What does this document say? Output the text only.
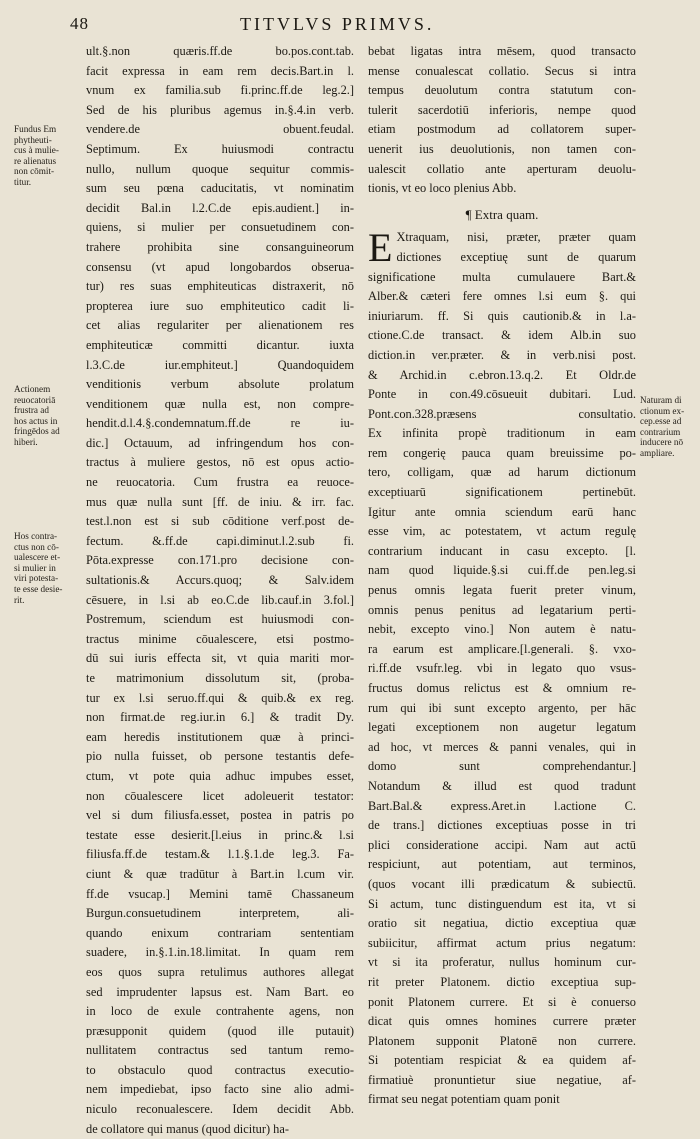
48	TITVLVS PRIMVS.
ult.§.non quæris.ff.de bo.pos.cont.tab.
facit expressa in eam rem decis.Bart.in l.
vnum ex familia.sub fi.princ.ff.de leg.2.]
Sed de his pluribus agemus in.§.4.in verb.
vendere.de obuent.feudal.
Septimum. Ex huiusmodi contractu
nullo, nullum quoque sequitur commis-
sum seu pœna caducitatis, vt nominatim
decidit Bal.in l.2.C.de epis.audient.] in-
quiens, si mulier per consuetudinem con-
trahere prohibita sine consanguineorum
consensu (vt apud longobardos obserua-
tur) res suas emphiteuticas distraxerit, nō
propterea iure suo emphiteutico cadit li-
cet alias regulariter per alienationem res
emphiteuticæ committi dicantur. iuxta
l.3.C.de iur.emphiteut.] Quandoquidem
venditionis verbum absolute prolatum
venditionem quæ nulla est, non compre-
hendit.d.l.4.§.condemnatum.ff.de re iu-
dic.] Octauum, ad infringendum hos con-
tractus à muliere gestos, nō est opus actio-
ne reuocatoria. Cum frustra ea reuoce-
mus quæ nulla sunt [ff. de iniu. & irr. fac.
test.l.non est si sub cōditione verf.post de-
fectum. &.ff.de capi.diminut.l.2.sub fi.
Pōta.expresse con.171.pro decisione con-
sultationis.& Accurs.quoq; & Salv.idem
cēsuere, in l.si ab eo.C.de lib.cauf.in 3.fol.]
Postremum, sciendum est huiusmodi con-
tractus minime cōualescere, etsi postmo-
dū sui iuris effecta sit, vt quia mariti mor-
te matrimonium dissolutum sit, (proba-
tur ex l.si seruo.ff.qui & quib.& ex reg.
non firmat.de reg.iur.in 6.] & tradit Dy.
eam heredis institutionem quæ à princi-
pio nulla fuisset, ob persone testantis defe-
ctum, vt pote quia adhuc impubes esset,
non cōualescere licet adoleuerit testator:
vel si dum filiusfa.esset, postea in patris po
testate esse desierit.[l.eius in princ.& l.si
filiusfa.ff.de testam.& l.1.§.1.de leg.3. Fa-
ciunt & quæ tradūtur à Bart.in l.cum vir.
ff.de vsucap.] Memini tamē Chassaneum
Burgun.consuetudinem interpretem, ali-
quando enixum contrariam sententiam
suadere, in.§.1.in.18.limitat. In quam rem
eos quos supra retulimus authores allegat
sed imprudenter lapsus est. Nam Bart. eo
in loco de exule contrahente agens, non
præsupponit quidem (quod ille putauit)
nullitatem contractus sed tantum remo-
to obstaculo quod contractus executio-
nem impediebat, ipso facto sine alio admi-
niculo reconualescere. Idem decidit Abb.
de collatore qui manus (quod dicitur) ha-
bebat ligatas intra mēsem, quod transacto
mense conualescat collatio. Secus si intra
tempus deuolutum contra statutum con-
tulerit sacerdotiū inferioris, nempe quod
etiam postmodum ad collatorem super-
uenerit ius deuolutionis, non tamen con-
ualescit collatio ante aperturam deuolu-
tionis, vt eo loco plenius Abb.
¶ Extra quam.
E Xtraquam, nisi, præter, præter quam
dictiones exceptiuę sunt de quarum
significatione multa cumulauere Bart.&
Alber.& cæteri fere omnes l.si eum §. qui
iniuriarum. ff. Si quis cautionib.& in l.a-
ctione.C.de transact. & idem Alb.in suo
diction.in ver.præter. & in verb.nisi post.
& Archid.in c.ebron.13.q.2. Et Oldr.de
Ponte in con.49.cōsueuit dubitari. Lud.
Pont.con.328.præsens consultatio.
Ex infinita propè traditionum in eam
rem congerię pauca quam breuissime po-
tero, colligam, quæ ad harum dictionum
exceptiuarū significationem pertinebūt.
Igitur ante omnia sciendum earū hanc
esse vim, ac potestatem, vt actum regulę
contrarium inducant in casu excepto. [l.
nam quod liquide.§.si cui.ff.de pen.leg.si
penus omnis legata fuerit preter vinum,
omnis penus penitus ad legatarium perti-
nebit, excepto vino.] Non autem è natu-
ra earum est amplicare.[l.generali. §. vxo-
ri.ff.de vsufr.leg. vbi in legato quo vsus-
fructus domus relictus est & omnium re-
rum qui ibi sunt excepto argento, per hāc
legati exceptionem non augetur legatum
ad hoc, vt merces & panni venales, qui in
domo sunt comprehendantur.]
Notandum & illud est quod tradunt
Bart.Bal.& express.Aret.in l.actione C.
de trans.] dictiones exceptiuas posse in tri
plici consideratione accipi. Nam aut actū
respiciunt, aut potentiam, aut terminos,
(quos vocant illi prædicatum & subiectū.
Si actum, tunc distinguendum est ita, vt si
oratio sit negatiua, dictio exceptiua quæ
subiicitur, affirmat actum prius negatum:
vt si ita proferatur, nullus hominum cur-
rit preter Platonem. dictio exceptiua sup-
ponit Platonem currere. Et si è conuerso
dicat quis omnes homines currere præter
Platonem supponit Platonē non currere.
Si potentiam respiciat & ea quidem af-
firmatiuè pronuntietur siue negatiue, af-
firmat seu negat potentiam quam ponit
Fundus Em
phytheuti-
cus à mulie-
re alienatus
non cōmit-
titur.
Actionem
reuocatoriā
frustra ad
hos actus in
fringēdos ad
hiberi.
Hos contra-
ctus non cō-
ualescere et-
si mulier in
viri potesta-
te esse desie-
rit.
Naturam di
ctionum ex-
cep.esse ad
contrarium
inducere nō
ampliare.
